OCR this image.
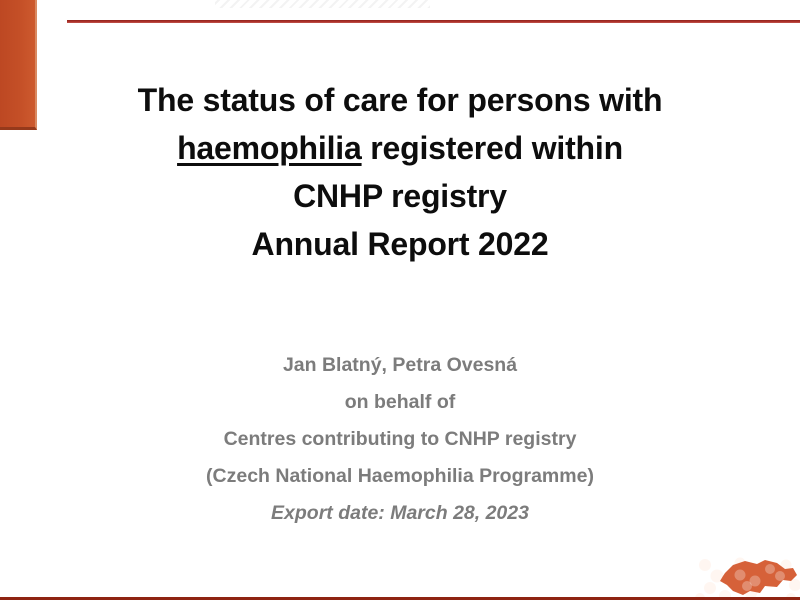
The status of care for persons with
haemophilia registered within
CNHP registry
Annual Report 2022
Jan Blatný, Petra Ovesná
on behalf of
Centres contributing to CNHP registry
(Czech National Haemophilia Programme)
Export date: March 28, 2023
Czech National
Hemophilia
Program	(iba
Institute
of Biostatistics
and Analyses MUNI
